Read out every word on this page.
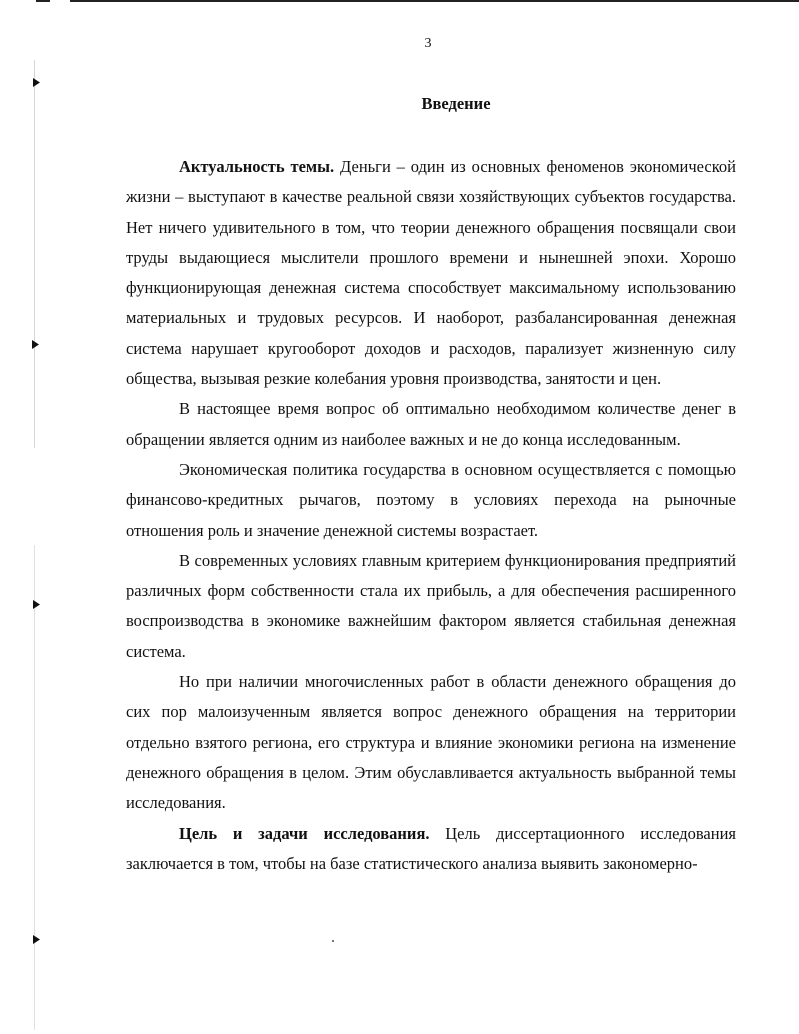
3
Введение

Актуальность темы. Деньги – один из основных феноменов экономической жизни – выступают в качестве реальной связи хозяйствующих субъектов государства. Нет ничего удивительного в том, что теории денежного обращения посвящали свои труды выдающиеся мыслители прошлого времени и нынешней эпохи. Хорошо функционирующая денежная система способствует максимальному использованию материальных и трудовых ресурсов. И наоборот, разбалансированная денежная система нарушает кругооборот доходов и расходов, парализует жизненную силу общества, вызывая резкие колебания уровня производства, занятости и цен.

В настоящее время вопрос об оптимально необходимом количестве денег в обращении является одним из наиболее важных и не до конца исследованным.

Экономическая политика государства в основном осуществляется с помощью финансово-кредитных рычагов, поэтому в условиях перехода на рыночные отношения роль и значение денежной системы возрастает.

В современных условиях главным критерием функционирования предприятий различных форм собственности стала их прибыль, а для обеспечения расширенного воспроизводства в экономике важнейшим фактором является стабильная денежная система.

Но при наличии многочисленных работ в области денежного обращения до сих пор малоизученным является вопрос денежного обращения на территории отдельно взятого региона, его структура и влияние экономики региона на изменение денежного обращения в целом. Этим обуславливается актуальность выбранной темы исследования.

Цель и задачи исследования. Цель диссертационного исследования заключается в том, чтобы на базе статистического анализа выявить закономерно-
